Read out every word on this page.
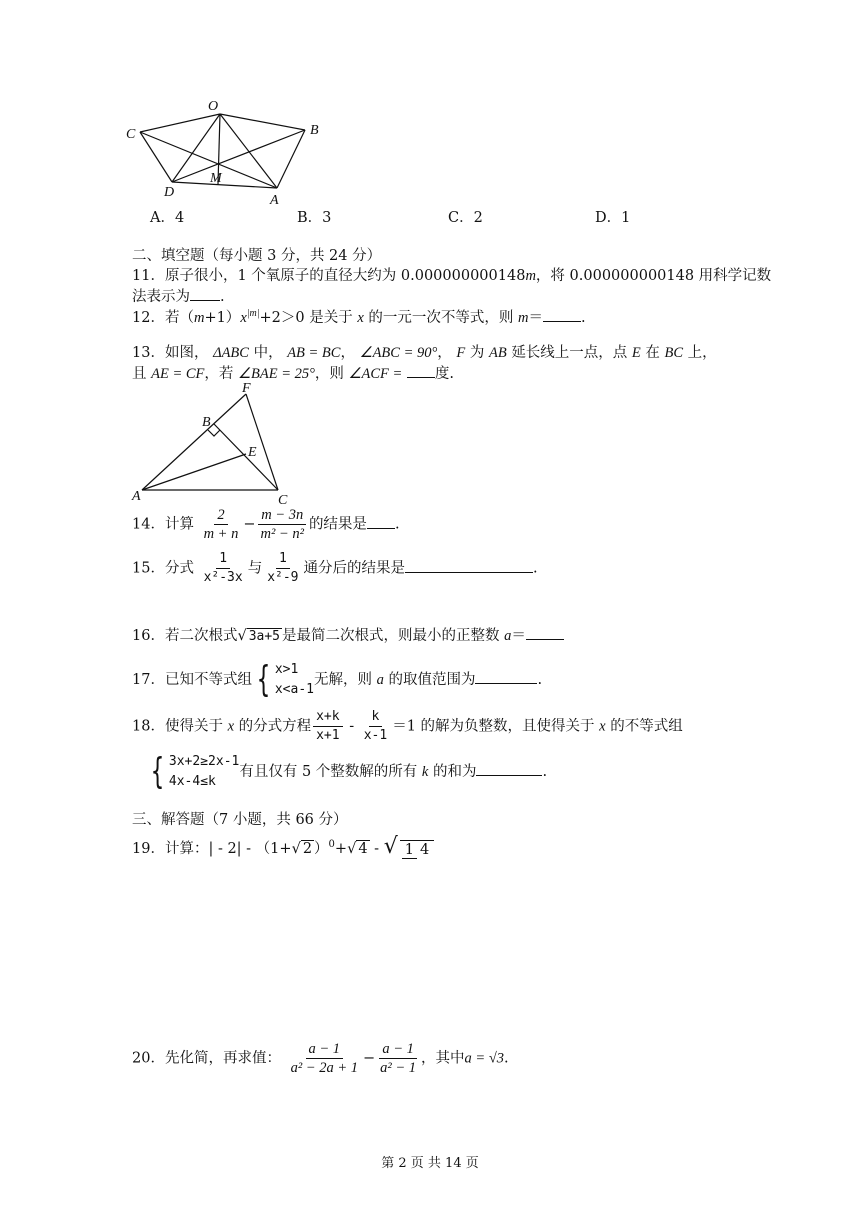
O
C	B
D
M
A
A．4	B．3	C．2	D．1
二、填空题（每小题 3 分，共 24 分）
11．原子很小，1 个氧原子的直径大约为 0.000000000148m，将 0.000000000148 用科学记数
法表示为 .
12．若$(m+1)x^{|m|}+2>0$ 是关于 x 的一元一次不等式，则 m＝	.
13．如图， ΔABC 中， AB = BC， ∠ABC = 90°， F 为 AB 延长线上一点，点 E 在 BC 上，
且 AE = CF，若 ∠BAE = 25°，则 ∠ACF = 度.
F
B
E
A	C
14．计算 $\frac{2}{m + n} - \frac{m - 3n}{\text{m² − n²}}$ 的结果是 .
15．分式 $\frac{1}{\text{x²-3x}}$ 与 $\frac{1}{\text{x²-9}}$ 通分后的结果是	.
16．若二次根式√ 3a+5 是最简二次根式，则最小的正整数 a＝
17．已知不等式组 { x>1
x<a-1
无解，则 a 的取值范围为	.
18．使得关于 x 的分式方程 $\frac{x+k}{x+1} - \frac{k}{x-1} =1$ 的解为负整数，且使得关于 x 的不等式组
{ 3x+2≥2x-1
4x-4≤k
有且仅有 5 个整数解的所有 k 的和为	.
三、解答题（7 小题，共 66 分）
19．计算：| - 2| - （1+√ 2 ）$^0$+√ 4 - √ 1 4
20．先化简，再求值： $\frac{a - 1}{\text{a² − 2a + 1}} - \frac{a - 1}{\text{a² − 1}}$ ，其中a = √3.
第 2 页 共 14 页
